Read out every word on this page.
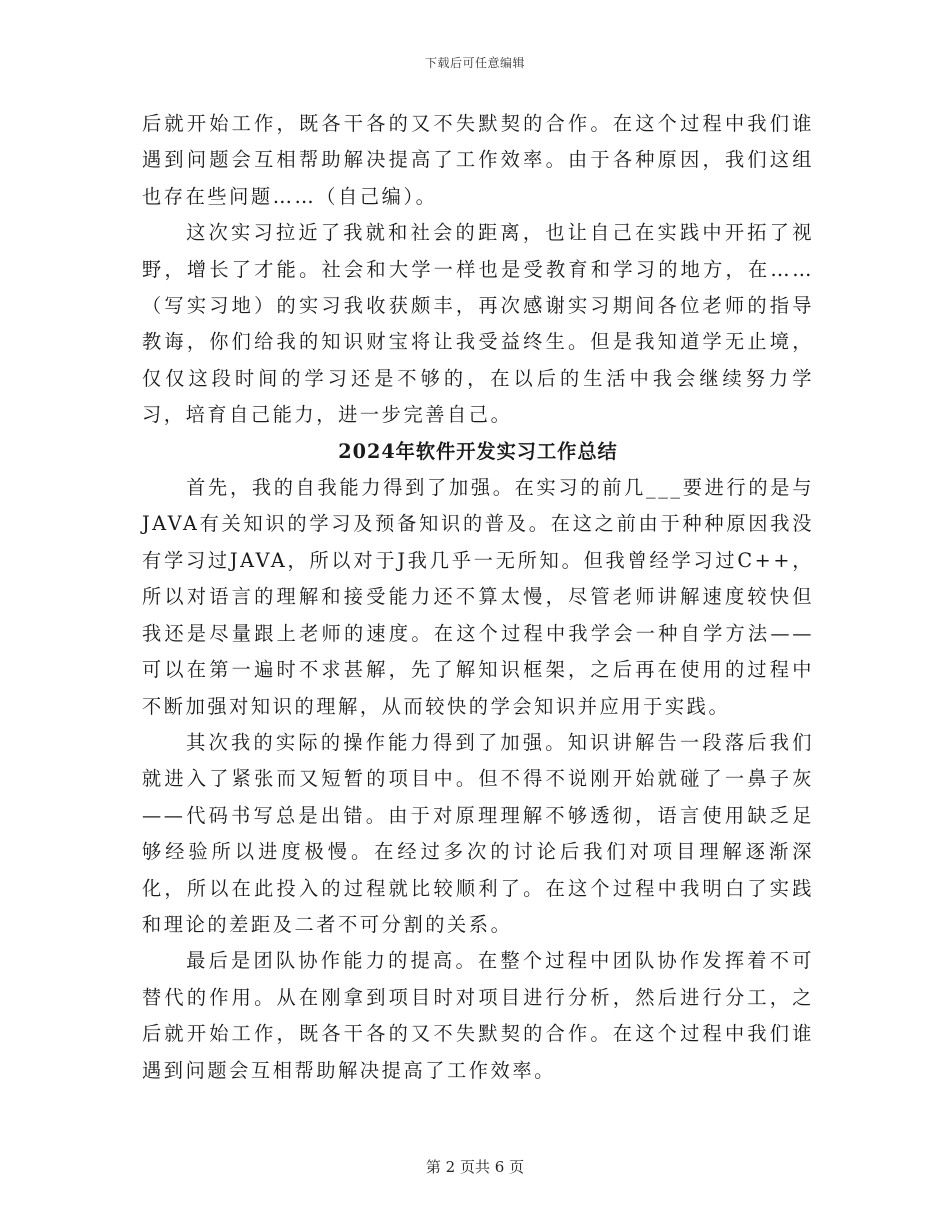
下载后可任意编辑

后就开始工作，既各干各的又不失默契的合作。在这个过程中我们谁遇到问题会互相帮助解决提高了工作效率。由于各种原因，我们这组也存在些问题……（自己编）。

这次实习拉近了我就和社会的距离，也让自己在实践中开拓了视野，增长了才能。社会和大学一样也是受教育和学习的地方，在……（写实习地）的实习我收获颇丰，再次感谢实习期间各位老师的指导教诲，你们给我的知识财宝将让我受益终生。但是我知道学无止境，仅仅这段时间的学习还是不够的，在以后的生活中我会继续努力学习，培育自己能力，进一步完善自己。

2024年软件开发实习工作总结

首先，我的自我能力得到了加强。在实习的前几___要进行的是与JAVA有关知识的学习及预备知识的普及。在这之前由于种种原因我没有学习过JAVA，所以对于J我几乎一无所知。但我曾经学习过C++，所以对语言的理解和接受能力还不算太慢，尽管老师讲解速度较快但我还是尽量跟上老师的速度。在这个过程中我学会一种自学方法——可以在第一遍时不求甚解，先了解知识框架，之后再在使用的过程中不断加强对知识的理解，从而较快的学会知识并应用于实践。

其次我的实际的操作能力得到了加强。知识讲解告一段落后我们就进入了紧张而又短暂的项目中。但不得不说刚开始就碰了一鼻子灰——代码书写总是出错。由于对原理理解不够透彻，语言使用缺乏足够经验所以进度极慢。在经过多次的讨论后我们对项目理解逐渐深化，所以在此投入的过程就比较顺利了。在这个过程中我明白了实践和理论的差距及二者不可分割的关系。

最后是团队协作能力的提高。在整个过程中团队协作发挥着不可替代的作用。从在刚拿到项目时对项目进行分析，然后进行分工，之后就开始工作，既各干各的又不失默契的合作。在这个过程中我们谁遇到问题会互相帮助解决提高了工作效率。

第 2 页共 6 页
